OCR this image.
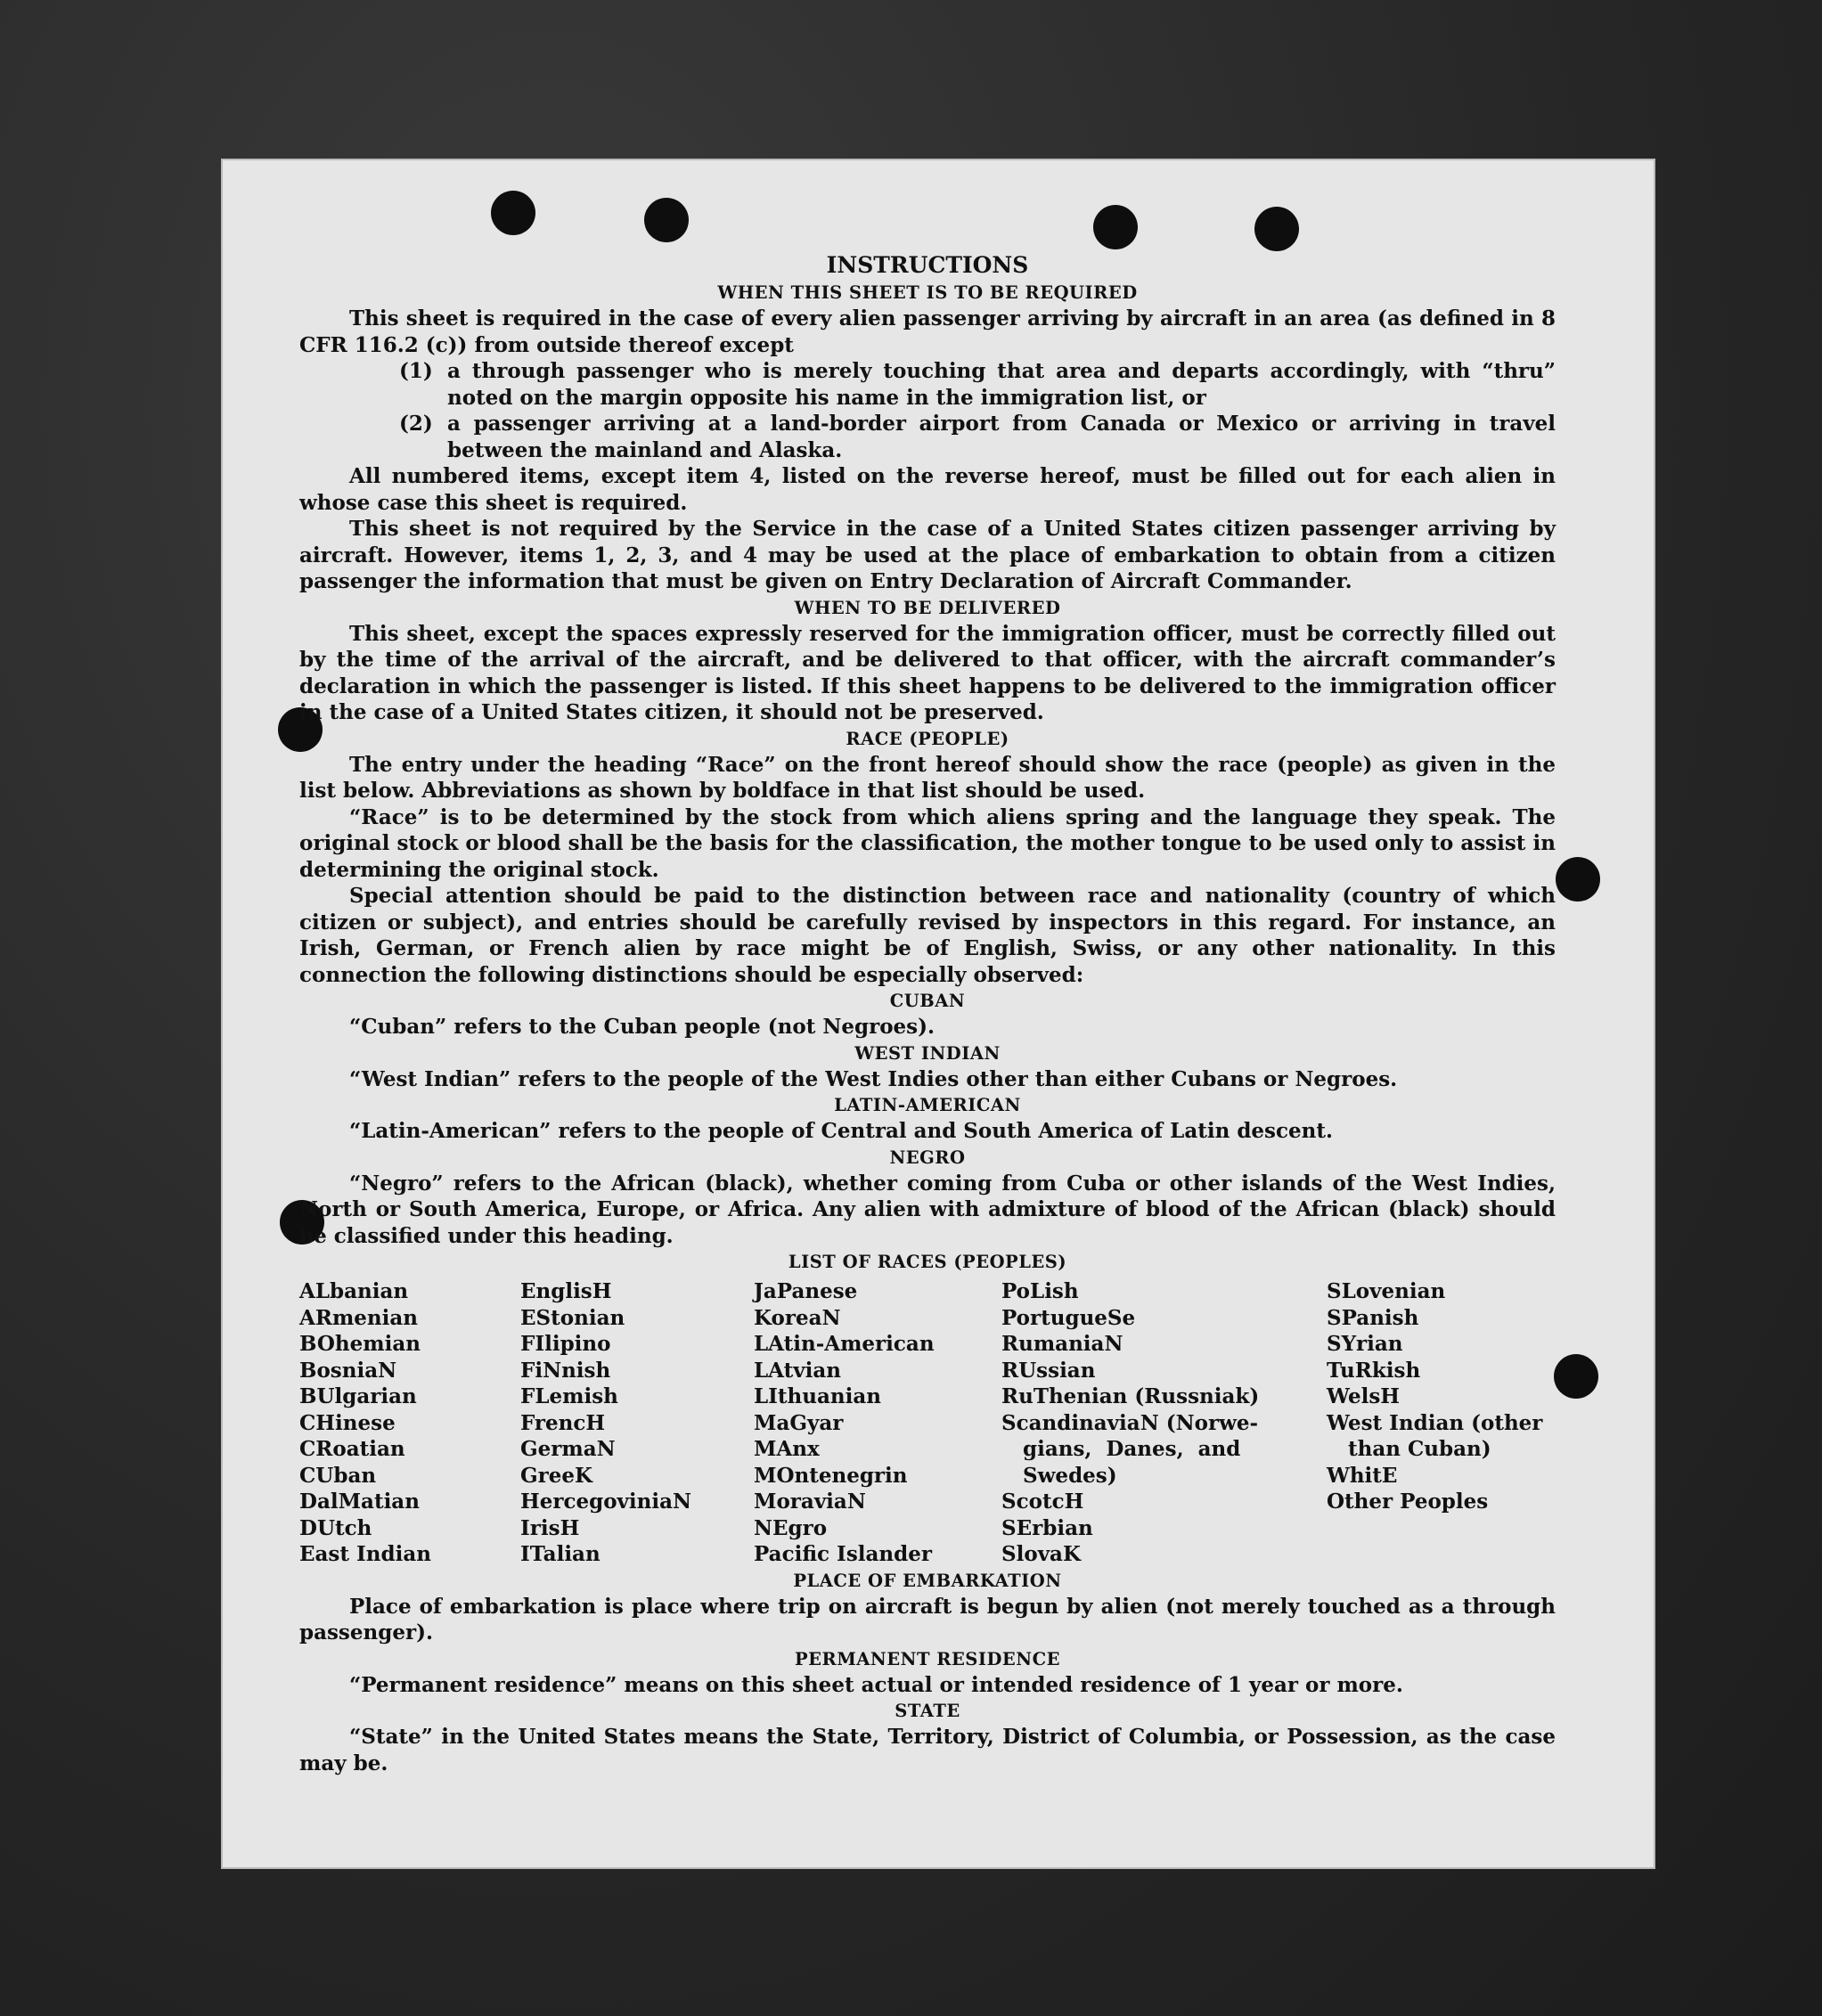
INSTRUCTIONS
WHEN THIS SHEET IS TO BE REQUIRED

This sheet is required in the case of every alien passenger arriving by aircraft in an area (as defined in 8 CFR 116.2 (c)) from outside thereof except

(1) a through passenger who is merely touching that area and departs accordingly, with “thru” noted on the margin opposite his name in the immigration list, or
(2) a passenger arriving at a land-border airport from Canada or Mexico or arriving in travel between the mainland and Alaska.

All numbered items, except item 4, listed on the reverse hereof, must be filled out for each alien in whose case this sheet is required.

This sheet is not required by the Service in the case of a United States citizen passenger arriving by aircraft. However, items 1, 2, 3, and 4 may be used at the place of embarkation to obtain from a citizen passenger the information that must be given on Entry Declaration of Aircraft Commander.

WHEN TO BE DELIVERED

This sheet, except the spaces expressly reserved for the immigration officer, must be correctly filled out by the time of the arrival of the aircraft, and be delivered to that officer, with the aircraft commander’s declaration in which the passenger is listed. If this sheet happens to be delivered to the immigration officer in the case of a United States citizen, it should not be preserved.

RACE (PEOPLE)

The entry under the heading “Race” on the front hereof should show the race (people) as given in the list below. Abbreviations as shown by boldface in that list should be used.

“Race” is to be determined by the stock from which aliens spring and the language they speak. The original stock or blood shall be the basis for the classification, the mother tongue to be used only to assist in determining the original stock.

Special attention should be paid to the distinction between race and nationality (country of which citizen or subject), and entries should be carefully revised by inspectors in this regard. For instance, an Irish, German, or French alien by race might be of English, Swiss, or any other nationality. In this connection the following distinctions should be especially observed:

CUBAN

“Cuban” refers to the Cuban people (not Negroes).

WEST INDIAN

“West Indian” refers to the people of the West Indies other than either Cubans or Negroes.

LATIN-AMERICAN

“Latin-American” refers to the people of Central and South America of Latin descent.

NEGRO

“Negro” refers to the African (black), whether coming from Cuba or other islands of the West Indies, North or South America, Europe, or Africa. Any alien with admixture of blood of the African (black) should be classified under this heading.

LIST OF RACES (PEOPLES)
ALbanian
ARmenian
BOhemian
BosniaN
BUlgarian
CHinese
CRoatian
CUban
DalMatian
DUtch
East Indian
EnglisH
EStonian
FIlipino
FiNnish
FLemish
FrencH
GermaN
GreeK
HercegoviniaN
IrisH
ITalian
JaPanese
KoreaN
LAtin-American
LAtvian
LIthuanian
MaGyar
MAnx
MOntenegrin
MoraviaN
NEgro
Pacific Islander
PoLish
PortugueSe
RumaniaN
RUssian
RuThenian (Russniak)
ScandinaviaN (Norwe-
gians,  Danes,  and
Swedes)
ScotcH
SErbian
SlovaK
SLovenian
SPanish
SYrian
TuRkish
WelsH
West Indian (other
than Cuban)
WhitE
Other Peoples
PLACE OF EMBARKATION

Place of embarkation is place where trip on aircraft is begun by alien (not merely touched as a through passenger).

PERMANENT RESIDENCE

“Permanent residence” means on this sheet actual or intended residence of 1 year or more.

STATE

“State” in the United States means the State, Territory, District of Columbia, or Possession, as the case may be.
